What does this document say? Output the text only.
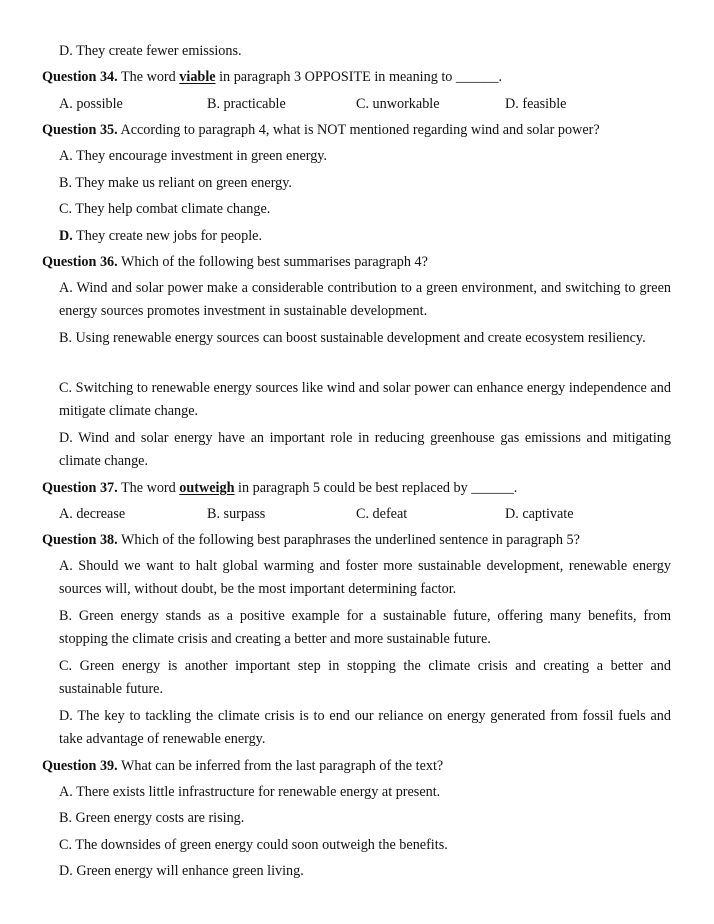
D. They create fewer emissions.
Question 34. The word viable in paragraph 3 OPPOSITE in meaning to ______.
A. possible	B. practicable	C. unworkable	D. feasible
Question 35. According to paragraph 4, what is NOT mentioned regarding wind and solar power?
A. They encourage investment in green energy.
B. They make us reliant on green energy.
C. They help combat climate change.
D. They create new jobs for people.
Question 36. Which of the following best summarises paragraph 4?
A. Wind and solar power make a considerable contribution to a green environment, and switching to green energy sources promotes investment in sustainable development.
B. Using renewable energy sources can boost sustainable development and create ecosystem resiliency.
C. Switching to renewable energy sources like wind and solar power can enhance energy independence and mitigate climate change.
D. Wind and solar energy have an important role in reducing greenhouse gas emissions and mitigating climate change.
Question 37. The word outweigh in paragraph 5 could be best replaced by ______.
A. decrease	B. surpass	C. defeat	D. captivate
Question 38. Which of the following best paraphrases the underlined sentence in paragraph 5?
A. Should we want to halt global warming and foster more sustainable development, renewable energy sources will, without doubt, be the most important determining factor.
B. Green energy stands as a positive example for a sustainable future, offering many benefits, from stopping the climate crisis and creating a better and more sustainable future.
C. Green energy is another important step in stopping the climate crisis and creating a better and sustainable future.
D. The key to tackling the climate crisis is to end our reliance on energy generated from fossil fuels and take advantage of renewable energy.
Question 39. What can be inferred from the last paragraph of the text?
A. There exists little infrastructure for renewable energy at present.
B. Green energy costs are rising.
C. The downsides of green energy could soon outweigh the benefits.
D. Green energy will enhance green living.
